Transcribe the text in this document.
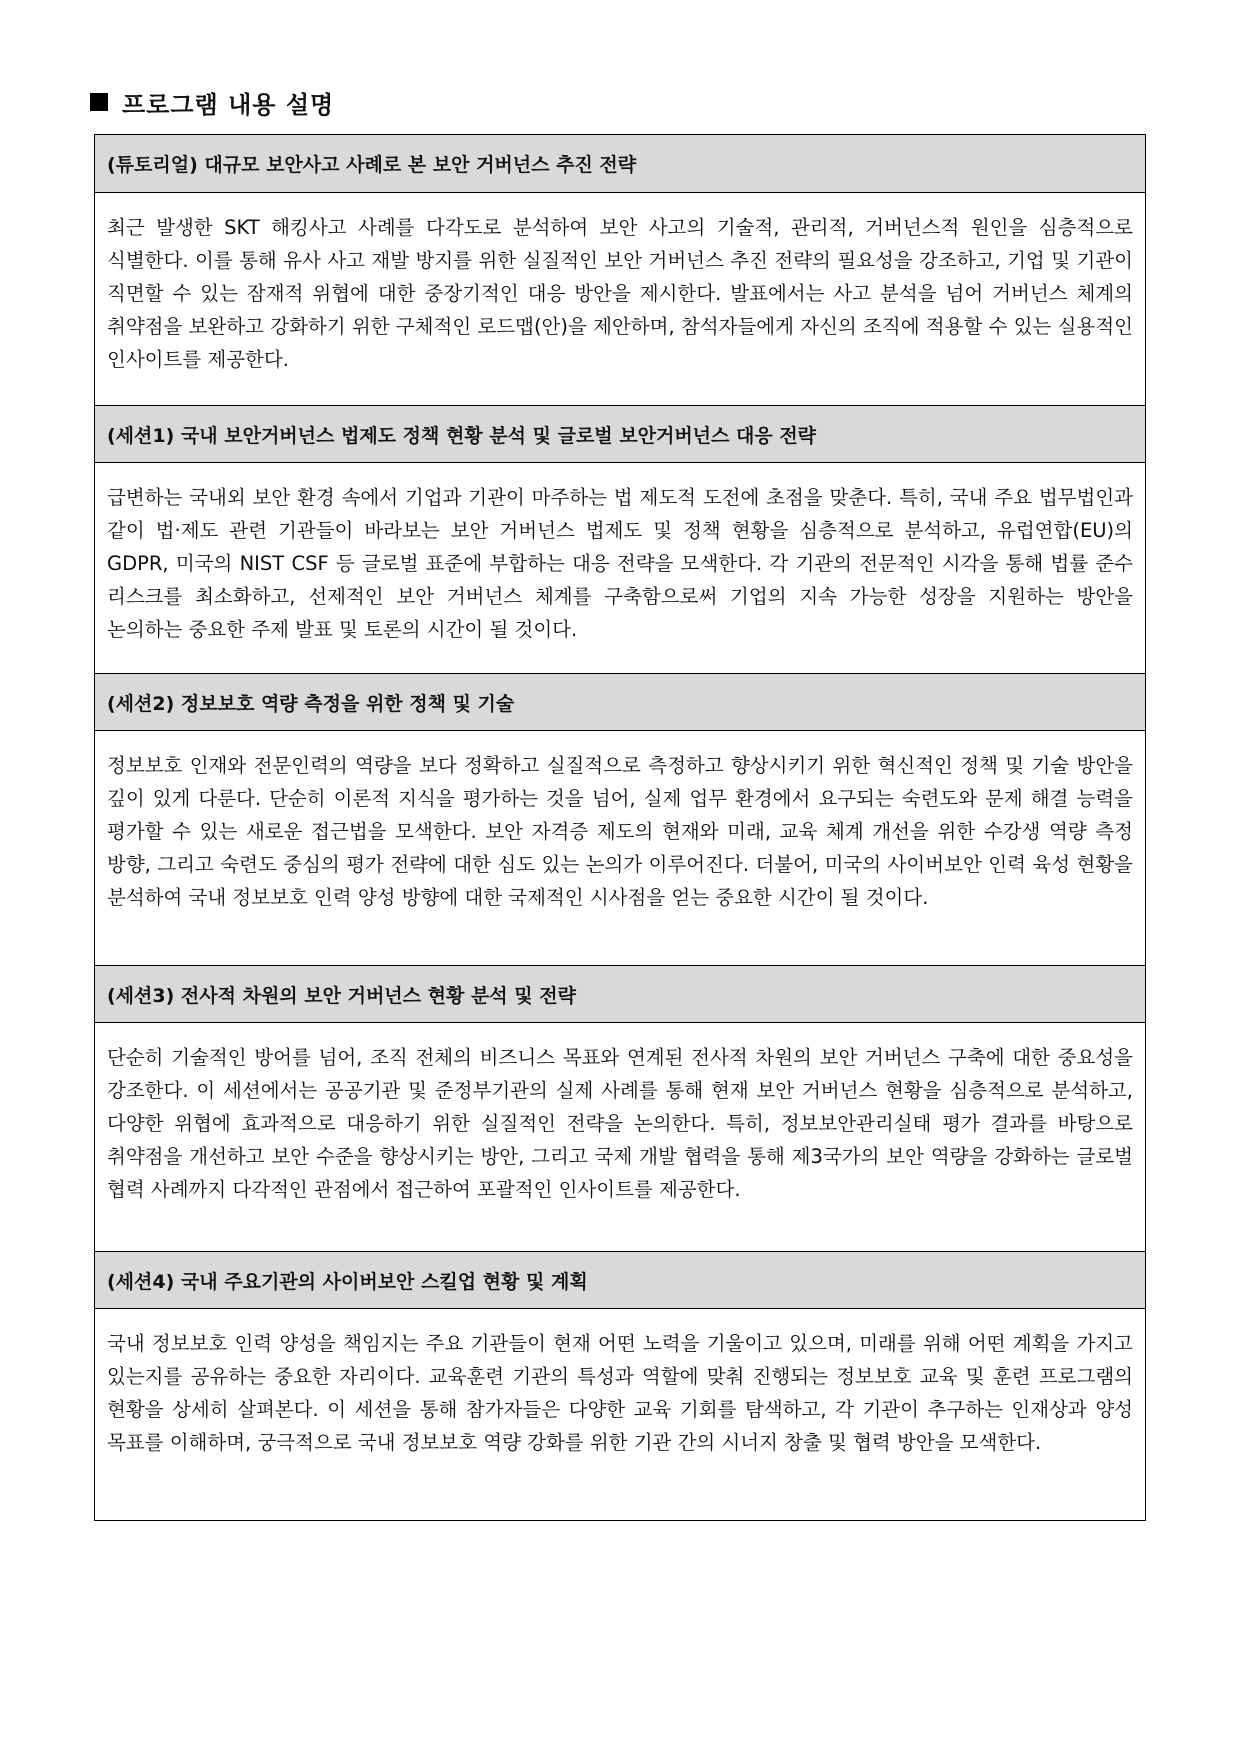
프로그램 내용 설명
(튜토리얼) 대규모 보안사고 사례로 본 보안 거버넌스 추진 전략
최근 발생한 SKT 해킹사고 사례를 다각도로 분석하여 보안 사고의 기술적, 관리적, 거버넌스적 원인을 심층적으로 식별한다. 이를 통해 유사 사고 재발 방지를 위한 실질적인 보안 거버넌스 추진 전략의 필요성을 강조하고, 기업 및 기관이 직면할 수 있는 잠재적 위협에 대한 중장기적인 대응 방안을 제시한다. 발표에서는 사고 분석을 넘어 거버넌스 체계의 취약점을 보완하고 강화하기 위한 구체적인 로드맵(안)을 제안하며, 참석자들에게 자신의 조직에 적용할 수 있는 실용적인 인사이트를 제공한다.
(세션1) 국내 보안거버넌스 법제도 정책 현황 분석 및 글로벌 보안거버넌스 대응 전략
급변하는 국내외 보안 환경 속에서 기업과 기관이 마주하는 법 제도적 도전에 초점을 맞춘다. 특히, 국내 주요 법무법인과 같이 법‧제도 관련 기관들이 바라보는 보안 거버넌스 법제도 및 정책 현황을 심층적으로 분석하고, 유럽연합(EU)의 GDPR, 미국의 NIST CSF 등 글로벌 표준에 부합하는 대응 전략을 모색한다. 각 기관의 전문적인 시각을 통해 법률 준수 리스크를 최소화하고, 선제적인 보안 거버넌스 체계를 구축함으로써 기업의 지속 가능한 성장을 지원하는 방안을 논의하는 중요한 주제 발표 및 토론의 시간이 될 것이다.
(세션2) 정보보호 역량 측정을 위한 정책 및 기술
정보보호 인재와 전문인력의 역량을 보다 정확하고 실질적으로 측정하고 향상시키기 위한 혁신적인 정책 및 기술 방안을 깊이 있게 다룬다. 단순히 이론적 지식을 평가하는 것을 넘어, 실제 업무 환경에서 요구되는 숙련도와 문제 해결 능력을 평가할 수 있는 새로운 접근법을 모색한다. 보안 자격증 제도의 현재와 미래, 교육 체계 개선을 위한 수강생 역량 측정 방향, 그리고 숙련도 중심의 평가 전략에 대한 심도 있는 논의가 이루어진다. 더불어, 미국의 사이버보안 인력 육성 현황을 분석하여 국내 정보보호 인력 양성 방향에 대한 국제적인 시사점을 얻는 중요한 시간이 될 것이다.
(세션3) 전사적 차원의 보안 거버넌스 현황 분석 및 전략
단순히 기술적인 방어를 넘어, 조직 전체의 비즈니스 목표와 연계된 전사적 차원의 보안 거버넌스 구축에 대한 중요성을 강조한다. 이 세션에서는 공공기관 및 준정부기관의 실제 사례를 통해 현재 보안 거버넌스 현황을 심층적으로 분석하고, 다양한 위협에 효과적으로 대응하기 위한 실질적인 전략을 논의한다. 특히, 정보보안관리실태 평가 결과를 바탕으로 취약점을 개선하고 보안 수준을 향상시키는 방안, 그리고 국제 개발 협력을 통해 제3국가의 보안 역량을 강화하는 글로벌 협력 사례까지 다각적인 관점에서 접근하여 포괄적인 인사이트를 제공한다.
(세션4) 국내 주요기관의 사이버보안 스킬업 현황 및 계획
국내 정보보호 인력 양성을 책임지는 주요 기관들이 현재 어떤 노력을 기울이고 있으며, 미래를 위해 어떤 계획을 가지고 있는지를 공유하는 중요한 자리이다. 교육훈련 기관의 특성과 역할에 맞춰 진행되는 정보보호 교육 및 훈련 프로그램의 현황을 상세히 살펴본다. 이 세션을 통해 참가자들은 다양한 교육 기회를 탐색하고, 각 기관이 추구하는 인재상과 양성 목표를 이해하며, 궁극적으로 국내 정보보호 역량 강화를 위한 기관 간의 시너지 창출 및 협력 방안을 모색한다.
